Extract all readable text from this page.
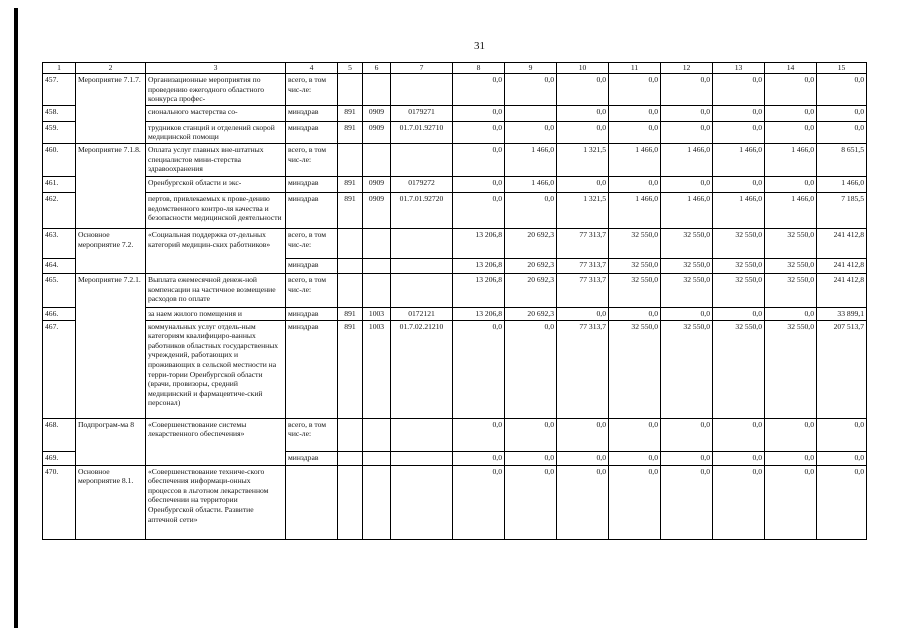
31
1	2	3	4	5	6	7	8	9	10	11	12	13	14	15
457.	Мероприятие 7.1.7.	Организационные мероприятия по проведению ежегодного областного конкурса профес-	всего, в том чис-ле:				0,0	0,0	0,0	0,0	0,0	0,0	0,0	0,0
458.		сионального мастерства со-	минздрав	891	0909	0179271	0,0		0,0	0,0	0,0	0,0	0,0	0,0
459.		трудников станций и отделений скорой медицинской помощи	минздрав	891	0909	01.7.01.92710	0,0	0,0	0,0	0,0	0,0	0,0	0,0	0,0
460.	Мероприятие 7.1.8.	Оплата услуг главных вне-штатных специалистов мини-стерства здравоохранения	всего, в том чис-ле:				0,0	1 466,0	1 321,5	1 466,0	1 466,0	1 466,0	1 466,0	8 651,5
461.		Оренбургской области и экс-	минздрав	891	0909	0179272	0,0	1 466,0	0,0	0,0	0,0	0,0	0,0	1 466,0
462.		пертов, привлекаемых к прове-дению ведомственного контро-ля качества и безопасности медицинской деятельности	минздрав	891	0909	01.7.01.92720	0,0	0,0	1 321,5	1 466,0	1 466,0	1 466,0	1 466,0	7 185,5
463.	Основное мероприятие 7.2.	«Социальная поддержка от-дельных категорий медицин-ских работников»	всего, в том чис-ле:				13 206,8	20 692,3	77 313,7	32 550,0	32 550,0	32 550,0	32 550,0	241 412,8
464.			минздрав				13 206,8	20 692,3	77 313,7	32 550,0	32 550,0	32 550,0	32 550,0	241 412,8
465.	Мероприятие 7.2.1.	Выплата ежемесячной денеж-ной компенсации на частичное возмещение расходов по оплате	всего, в том чис-ле:				13 206,8	20 692,3	77 313,7	32 550,0	32 550,0	32 550,0	32 550,0	241 412,8
466.		за наем жилого помещения и	минздрав	891	1003	0172121	13 206,8	20 692,3	0,0	0,0	0,0	0,0	0,0	33 899,1
467.		коммунальных услуг отдель-ным категориям квалифициро-ванных работников областных государственных учреждений, работающих и проживающих в сельской местности на терри-тории Оренбургской области (врачи, провизоры, средний медицинский и фармацевтиче-ский персонал)	минздрав	891	1003	01.7.02.21210	0,0	0,0	77 313,7	32 550,0	32 550,0	32 550,0	32 550,0	207 513,7
468.	Подпрограм-ма 8	«Совершенствование системы лекарственного обеспечения»	всего, в том чис-ле:				0,0	0,0	0,0	0,0	0,0	0,0	0,0	0,0
469.			минздрав				0,0	0,0	0,0	0,0	0,0	0,0	0,0	0,0
470.	Основное мероприятие 8.1.	«Совершенствование техниче-ского обеспечения информаци-онных процессов в льготном лекарственном обеспечении на территории Оренбургской области. Развитие аптечной сети»					0,0	0,0	0,0	0,0	0,0	0,0	0,0	0,0
